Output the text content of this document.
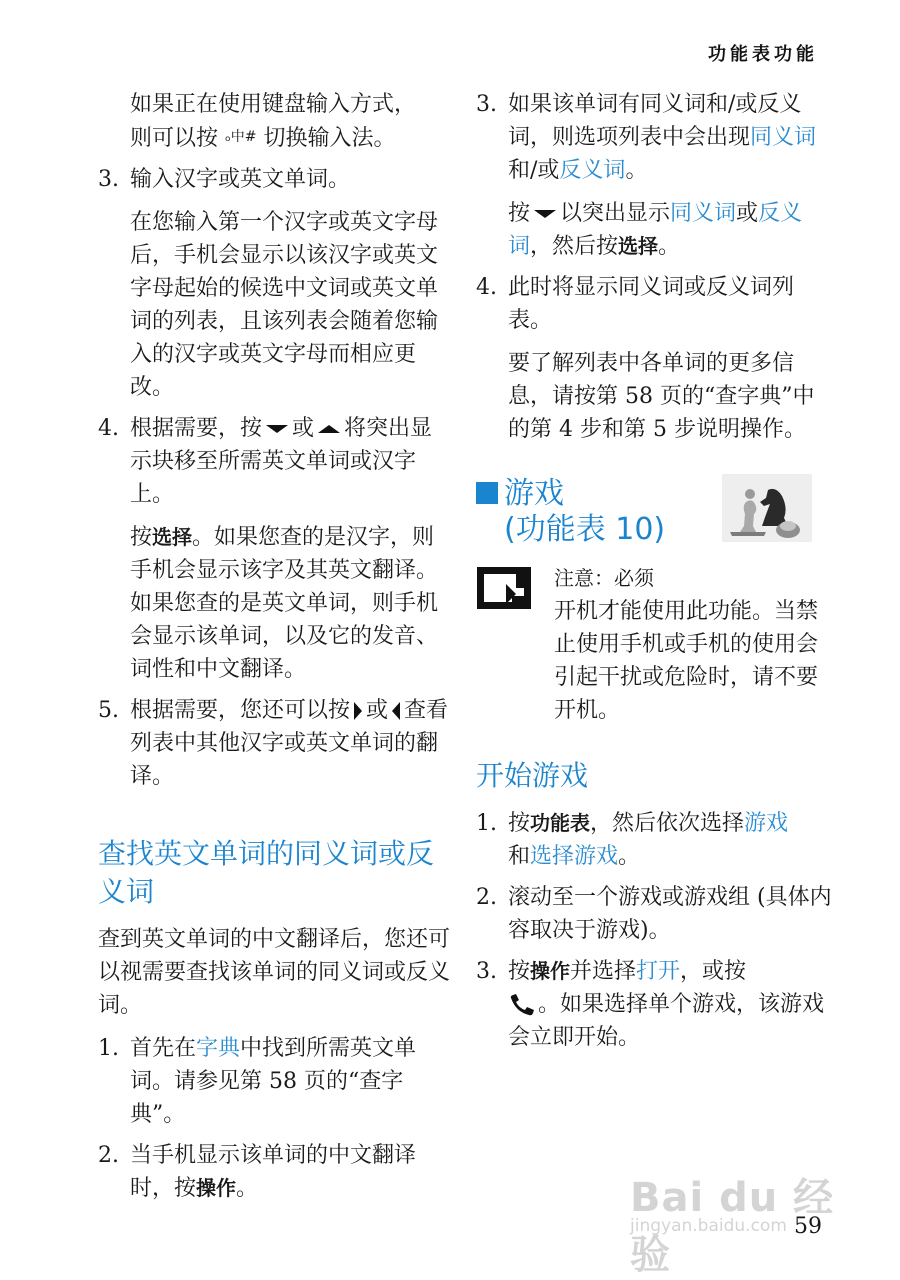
功能表功能

如果正在使用键盘输入方式，
则可以按 ₒ中# 切换输入法。

3. 输入汉字或英文单词。

在您输入第一个汉字或英文字母后，手机会显示以该汉字或英文字母起始的候选中文词或英文单词的列表，且该列表会随着您输入的汉字或英文字母而相应更改。

4. 根据需要，按 或 将突出显示块移至所需英文单词或汉字上。

按选择。如果您查的是汉字，则手机会显示该字及其英文翻译。如果您查的是英文单词，则手机会显示该单词，以及它的发音、词性和中文翻译。

5. 根据需要，您还可以按 或 查看列表中其他汉字或英文单词的翻译。

查找英文单词的同义词或反义词

查到英文单词的中文翻译后，您还可以视需要查找该单词的同义词或反义词。

1. 首先在字典中找到所需英文单词。请参见第 58 页的“查字典”。

2. 当手机显示该单词的中文翻译时，按操作。

3. 如果该单词有同义词和/或反义词，则选项列表中会出现同义词和/或反义词。

按 以突出显示同义词或反义词，然后按选择。

4. 此时将显示同义词或反义词列表。

要了解列表中各单词的更多信息，请按第 58 页的“查字典”中的第 4 步和第 5 步说明操作。

游戏
(功能表 10)

注意：必须
开机才能使用此功能。当禁止使用手机或手机的使用会引起干扰或危险时，请不要开机。

开始游戏
1. 按功能表，然后依次选择游戏
和选择游戏。

2. 滚动至一个游戏或游戏组 (具体内容取决于游戏)。

3. 按操作并选择打开，或按
。如果选择单个游戏，该游戏会立即开始。

Bai du 经验
jingyan.baidu.com 59
